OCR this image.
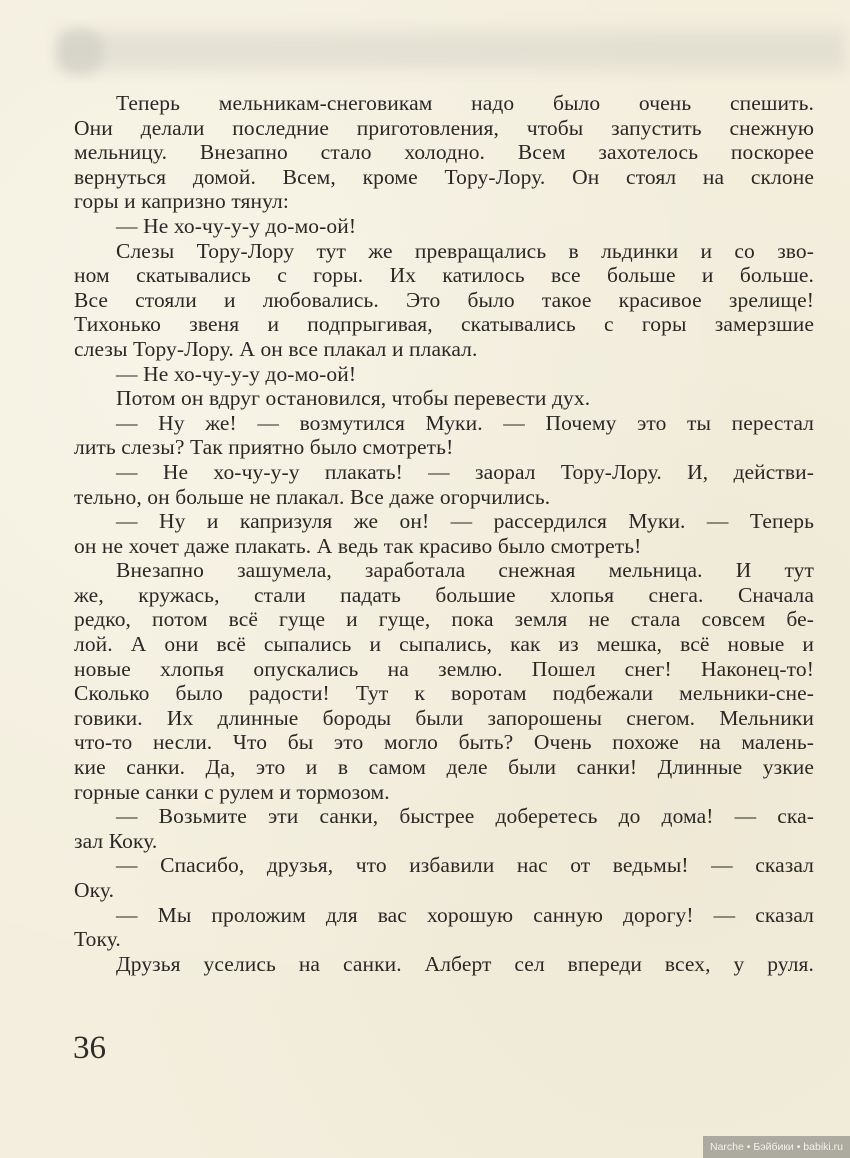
Теперь мельникам-снеговикам надо было очень спешить.
Они делали последние приготовления, чтобы запустить снежную
мельницу. Внезапно стало холодно. Всем захотелось поскорее
вернуться домой. Всем, кроме Тору-Лору. Он стоял на склоне
горы и капризно тянул:
— Не хо-чу-у-у до-мо-ой!
Слезы Тору-Лору тут же превращались в льдинки и со зво-
ном скатывались с горы. Их катилось все больше и больше.
Все стояли и любовались. Это было такое красивое зрелище!
Тихонько звеня и подпрыгивая, скатывались с горы замерзшие
слезы Тору-Лору. А он все плакал и плакал.
— Не хо-чу-у-у до-мо-ой!
Потом он вдруг остановился, чтобы перевести дух.
— Ну же! — возмутился Муки. — Почему это ты перестал
лить слезы? Так приятно было смотреть!
— Не хо-чу-у-у плакать! — заорал Тору-Лору. И, действи-
тельно, он больше не плакал. Все даже огорчились.
— Ну и капризуля же он! — рассердился Муки. — Теперь
он не хочет даже плакать. А ведь так красиво было смотреть!
Внезапно зашумела, заработала снежная мельница. И тут
же, кружась, стали падать большие хлопья снега. Сначала
редко, потом всё гуще и гуще, пока земля не стала совсем бе-
лой. А они всё сыпались и сыпались, как из мешка, всё новые и
новые хлопья опускались на землю. Пошел снег! Наконец-то!
Сколько было радости! Тут к воротам подбежали мельники-сне-
говики. Их длинные бороды были запорошены снегом. Мельники
что-то несли. Что бы это могло быть? Очень похоже на малень-
кие санки. Да, это и в самом деле были санки! Длинные узкие
горные санки с рулем и тормозом.
— Возьмите эти санки, быстрее доберетесь до дома! — ска-
зал Коку.
— Спасибо, друзья, что избавили нас от ведьмы! — сказал
Оку.
— Мы проложим для вас хорошую санную дорогу! — сказал
Току.
Друзья уселись на санки. Алберт сел впереди всех, у руля.
36
Narche • Бэйбики • babiki.ru
